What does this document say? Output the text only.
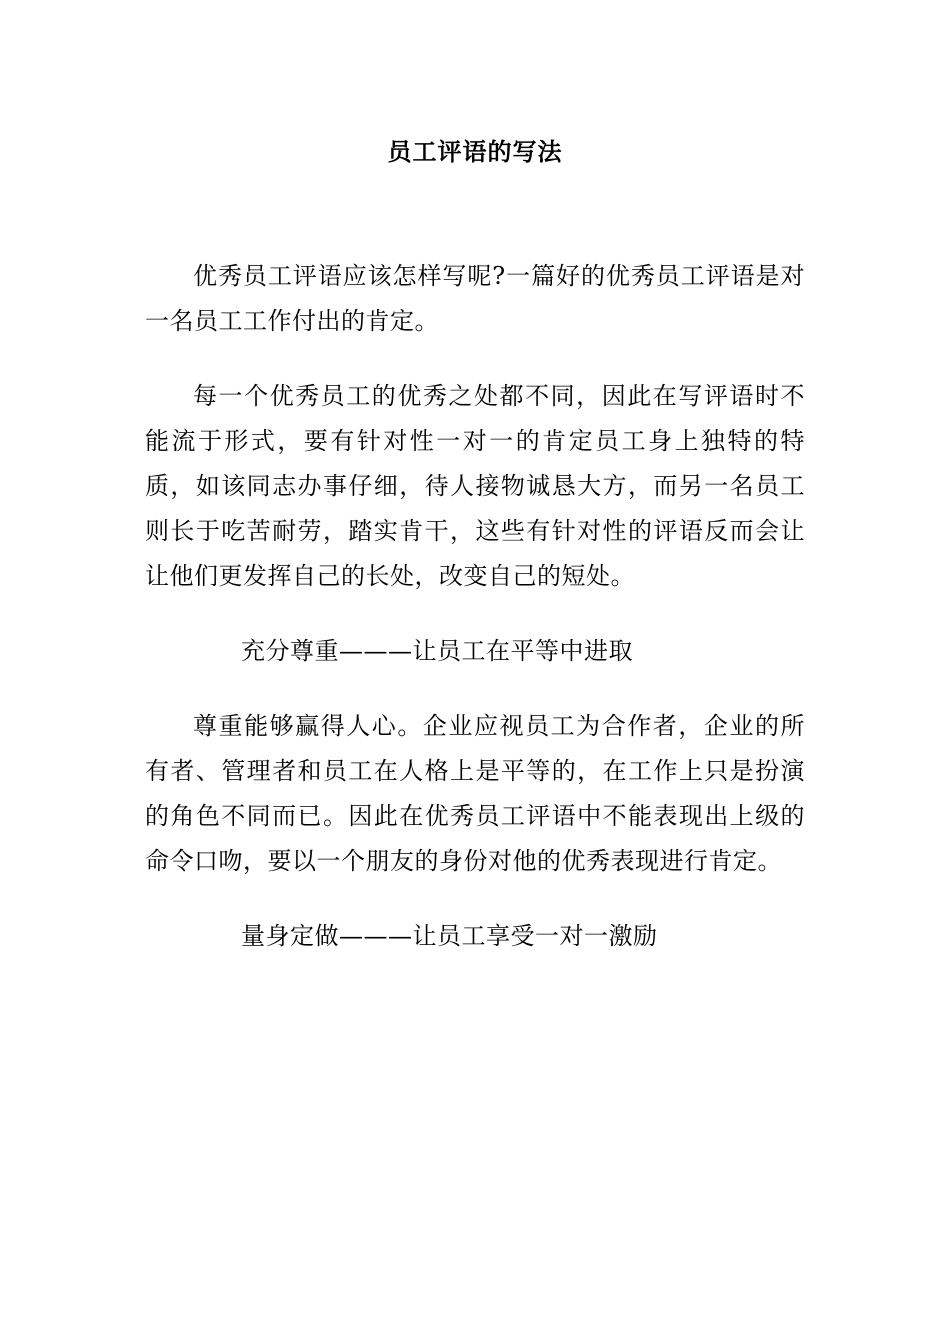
员工评语的写法

优秀员工评语应该怎样写呢?一篇好的优秀员工评语是对一名员工工作付出的肯定。

每一个优秀员工的优秀之处都不同，因此在写评语时不能流于形式，要有针对性一对一的肯定员工身上独特的特质，如该同志办事仔细，待人接物诚恳大方，而另一名员工则长于吃苦耐劳，踏实肯干，这些有针对性的评语反而会让让他们更发挥自己的长处，改变自己的短处。

充分尊重———让员工在平等中进取

尊重能够赢得人心。企业应视员工为合作者，企业的所有者、管理者和员工在人格上是平等的，在工作上只是扮演的角色不同而已。因此在优秀员工评语中不能表现出上级的命令口吻，要以一个朋友的身份对他的优秀表现进行肯定。

量身定做———让员工享受一对一激励
